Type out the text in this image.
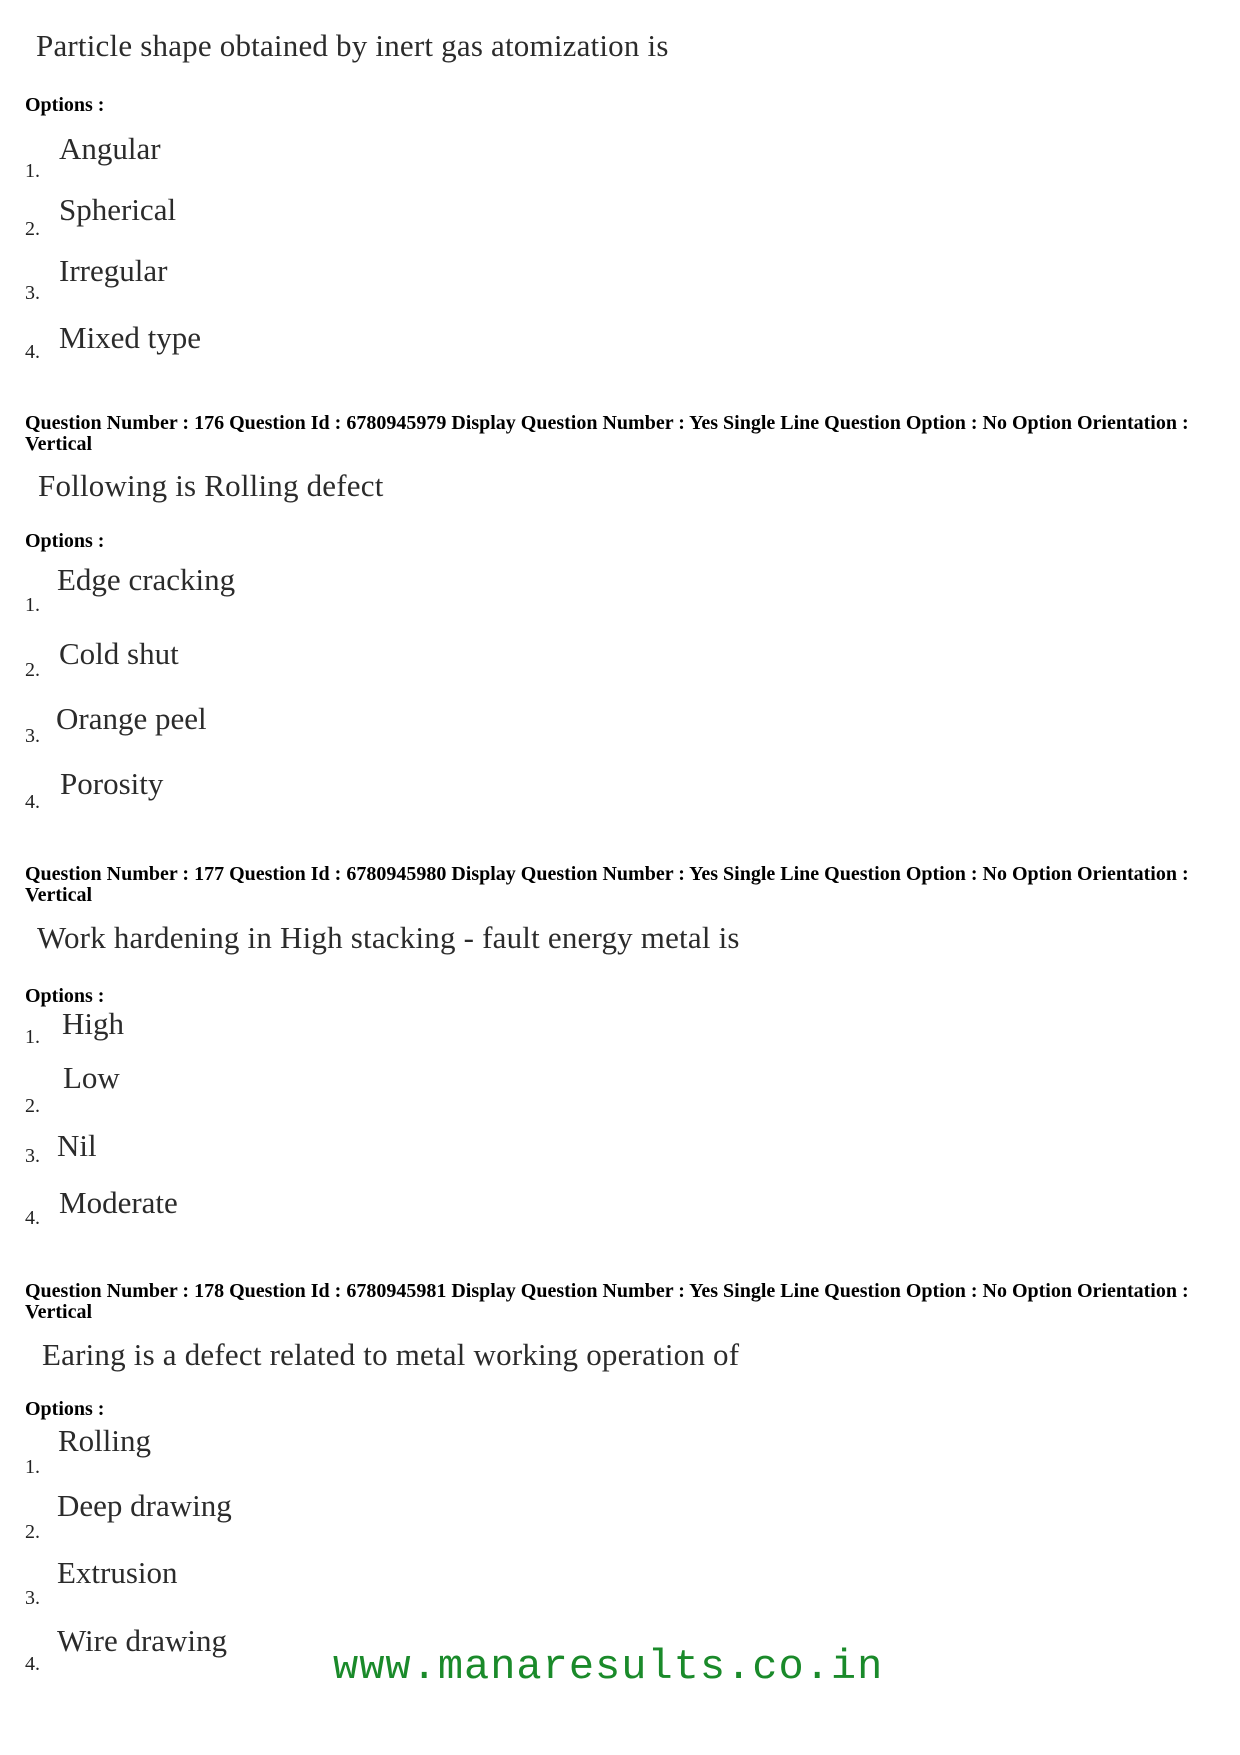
Particle shape obtained by inert gas atomization is
Options :
1.
Angular
2.
Spherical
3.
Irregular
4. Mixed type
Question Number : 176 Question Id : 6780945979 Display Question Number : Yes Single Line Question Option : No Option Orientation : Vertical
Following is Rolling defect
Options :
1.
Edge cracking
2. Cold shut
3. Orange peel
4.
Porosity
Question Number : 177 Question Id : 6780945980 Display Question Number : Yes Single Line Question Option : No Option Orientation : Vertical
Work hardening in High stacking - fault energy metal is
Options :
1. High
2.
Low
3. Nil
4. Moderate
Question Number : 178 Question Id : 6780945981 Display Question Number : Yes Single Line Question Option : No Option Orientation : Vertical
Earing is a defect related to metal working operation of
Options :
1.
Rolling
2.
Deep drawing
3.
Extrusion
4.
Wire drawing
www.manaresults.co.in
